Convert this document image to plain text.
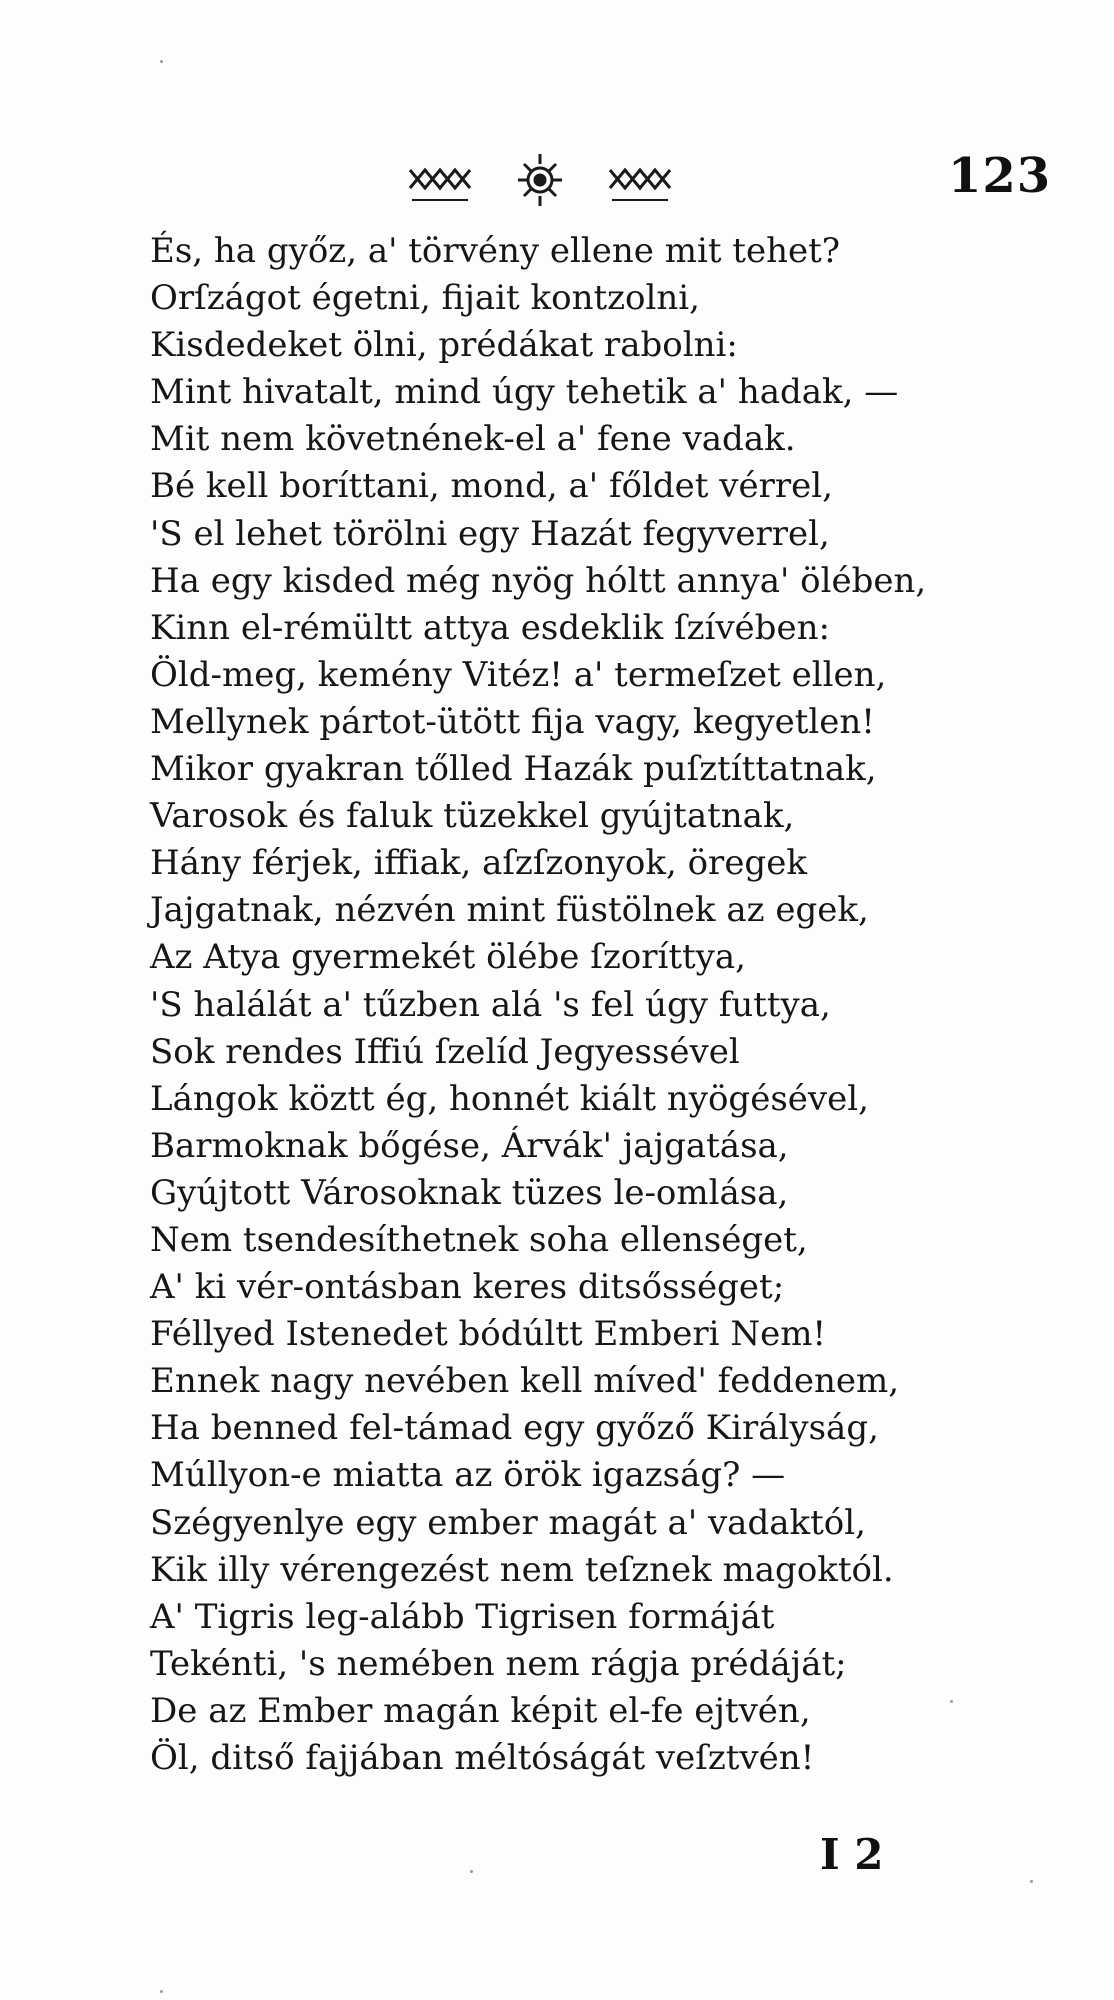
123
És, ha győz, a' törvény ellene mit tehet?
Orſzágot égetni, fijait kontzolni,
Kisdedeket ölni, prédákat rabolni:
Mint hivatalt, mind úgy tehetik a' hadak, —
Mit nem követnének-el a' fene vadak.
Bé kell boríttani, mond, a' főldet vérrel,
'S el lehet törölni egy Hazát fegyverrel,
Ha egy kisded még nyög hóltt annya' ölében,
Kinn el-rémültt attya esdeklik ſzívében:
Öld-meg, kemény Vitéz! a' termeſzet ellen,
Mellynek pártot-ütött fija vagy, kegyetlen!
Mikor gyakran tőlled Hazák puſztíttatnak,
Varosok és faluk tüzekkel gyújtatnak,
Hány férjek, iffiak, aſzſzonyok, öregek
Jajgatnak, nézvén mint füstölnek az egek,
Az Atya gyermekét ölébe ſzoríttya,
'S halálát a' tűzben alá 's fel úgy futtya,
Sok rendes Iffiú ſzelíd Jegyessével
Lángok köztt ég, honnét kiált nyögésével,
Barmoknak bőgése, Árvák' jajgatása,
Gyújtott Városoknak tüzes le-omlása,
Nem tsendesíthetnek soha ellenséget,
A' ki vér-ontásban keres ditsősséget;
Féllyed Istenedet bódúltt Emberi Nem!
Ennek nagy nevében kell míved' feddenem,
Ha benned fel-támad egy győző Királyság,
Múllyon-e miatta az örök igazság? —
Szégyenlye egy ember magát a' vadaktól,
Kik illy vérengezést nem teſznek magoktól.
A' Tigris leg-alább Tigrisen formáját
Tekénti, 's nemében nem rágja prédáját;
De az Ember magán képit el-fe ejtvén,
Öl, ditső fajjában méltóságát veſztvén!
I 2
